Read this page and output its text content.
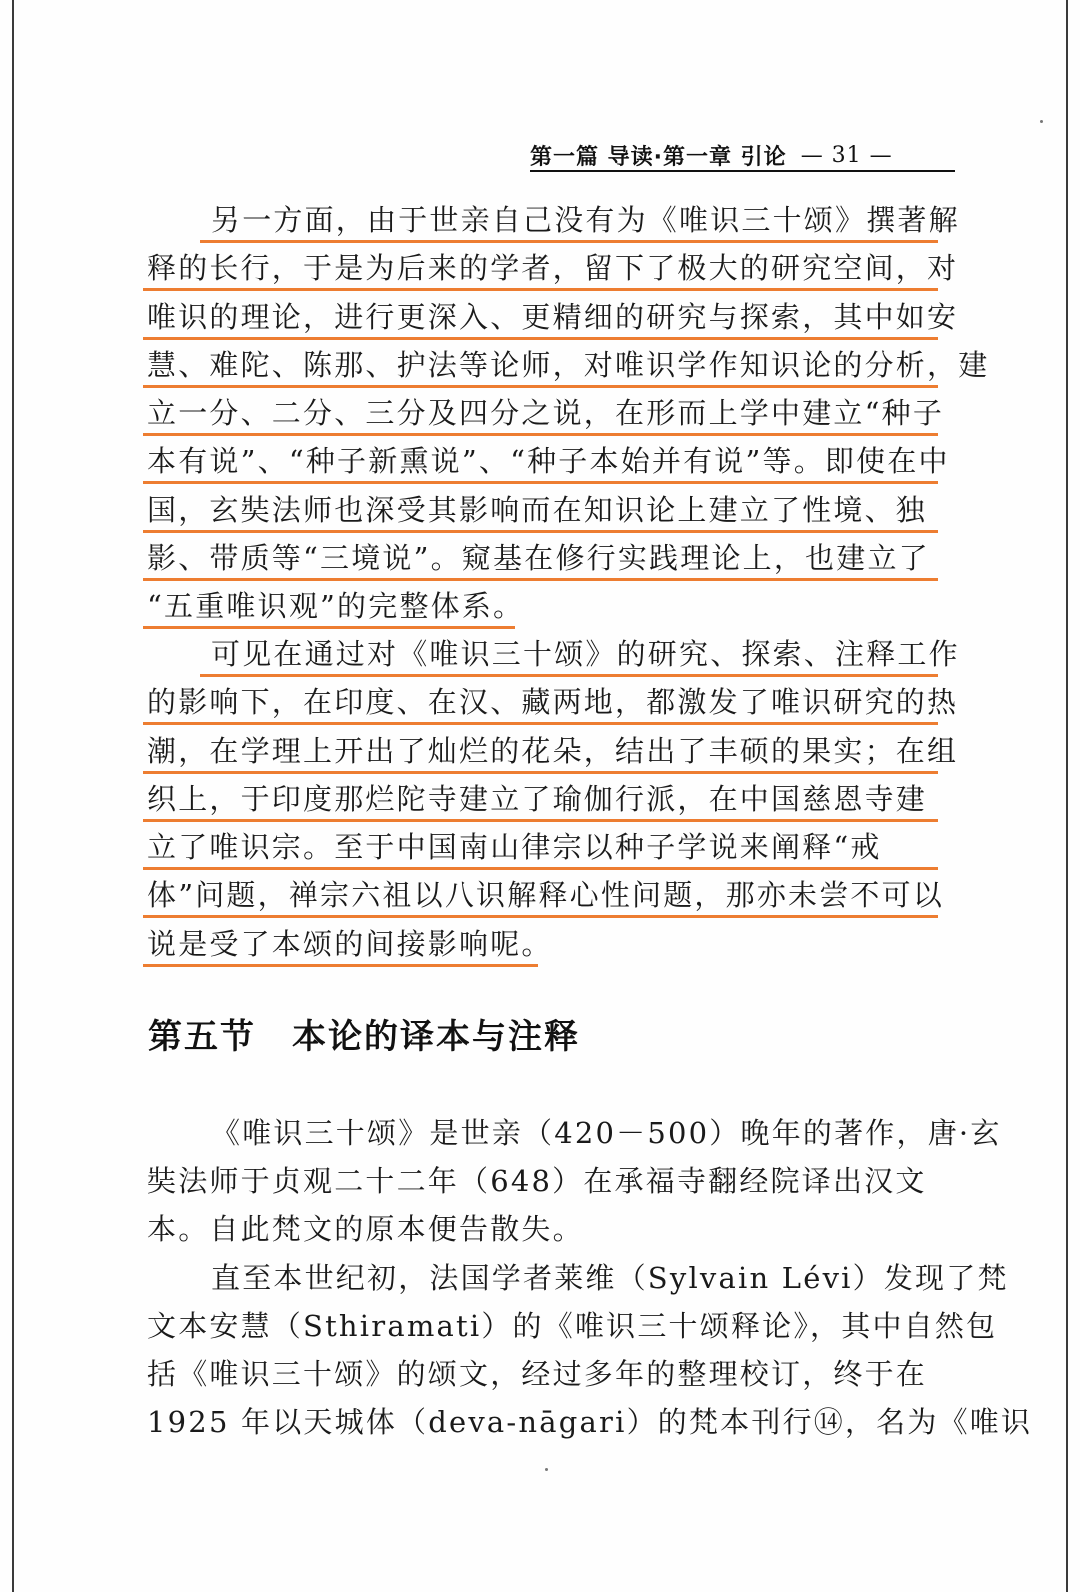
第一篇 导读·第一章 引论 — 31 —
另一方面，由于世亲自己没有为《唯识三十颂》撰著解
释的长行，于是为后来的学者，留下了极大的研究空间，对
唯识的理论，进行更深入、更精细的研究与探索，其中如安
慧、难陀、陈那、护法等论师，对唯识学作知识论的分析，建
立一分、二分、三分及四分之说，在形而上学中建立“种子
本有说”、“种子新熏说”、“种子本始并有说”等。即使在中
国，玄奘法师也深受其影响而在知识论上建立了性境、独
影、带质等“三境说”。窥基在修行实践理论上，也建立了
“五重唯识观”的完整体系。
可见在通过对《唯识三十颂》的研究、探索、注释工作
的影响下，在印度、在汉、藏两地，都激发了唯识研究的热
潮，在学理上开出了灿烂的花朵，结出了丰硕的果实；在组
织上，于印度那烂陀寺建立了瑜伽行派，在中国慈恩寺建
立了唯识宗。至于中国南山律宗以种子学说来阐释“戒
体”问题，禅宗六祖以八识解释心性问题，那亦未尝不可以
说是受了本颂的间接影响呢。
第五节 本论的译本与注释
《唯识三十颂》是世亲（420－500）晚年的著作，唐·玄
奘法师于贞观二十二年（648）在承福寺翻经院译出汉文
本。自此梵文的原本便告散失。
直至本世纪初，法国学者莱维（Sylvain Lévi）发现了梵
文本安慧（Sthiramati）的《唯识三十颂释论》，其中自然包
括《唯识三十颂》的颂文，经过多年的整理校订，终于在
1925 年以天城体（deva-nāgari）的梵本刊行⑭，名为《唯识
